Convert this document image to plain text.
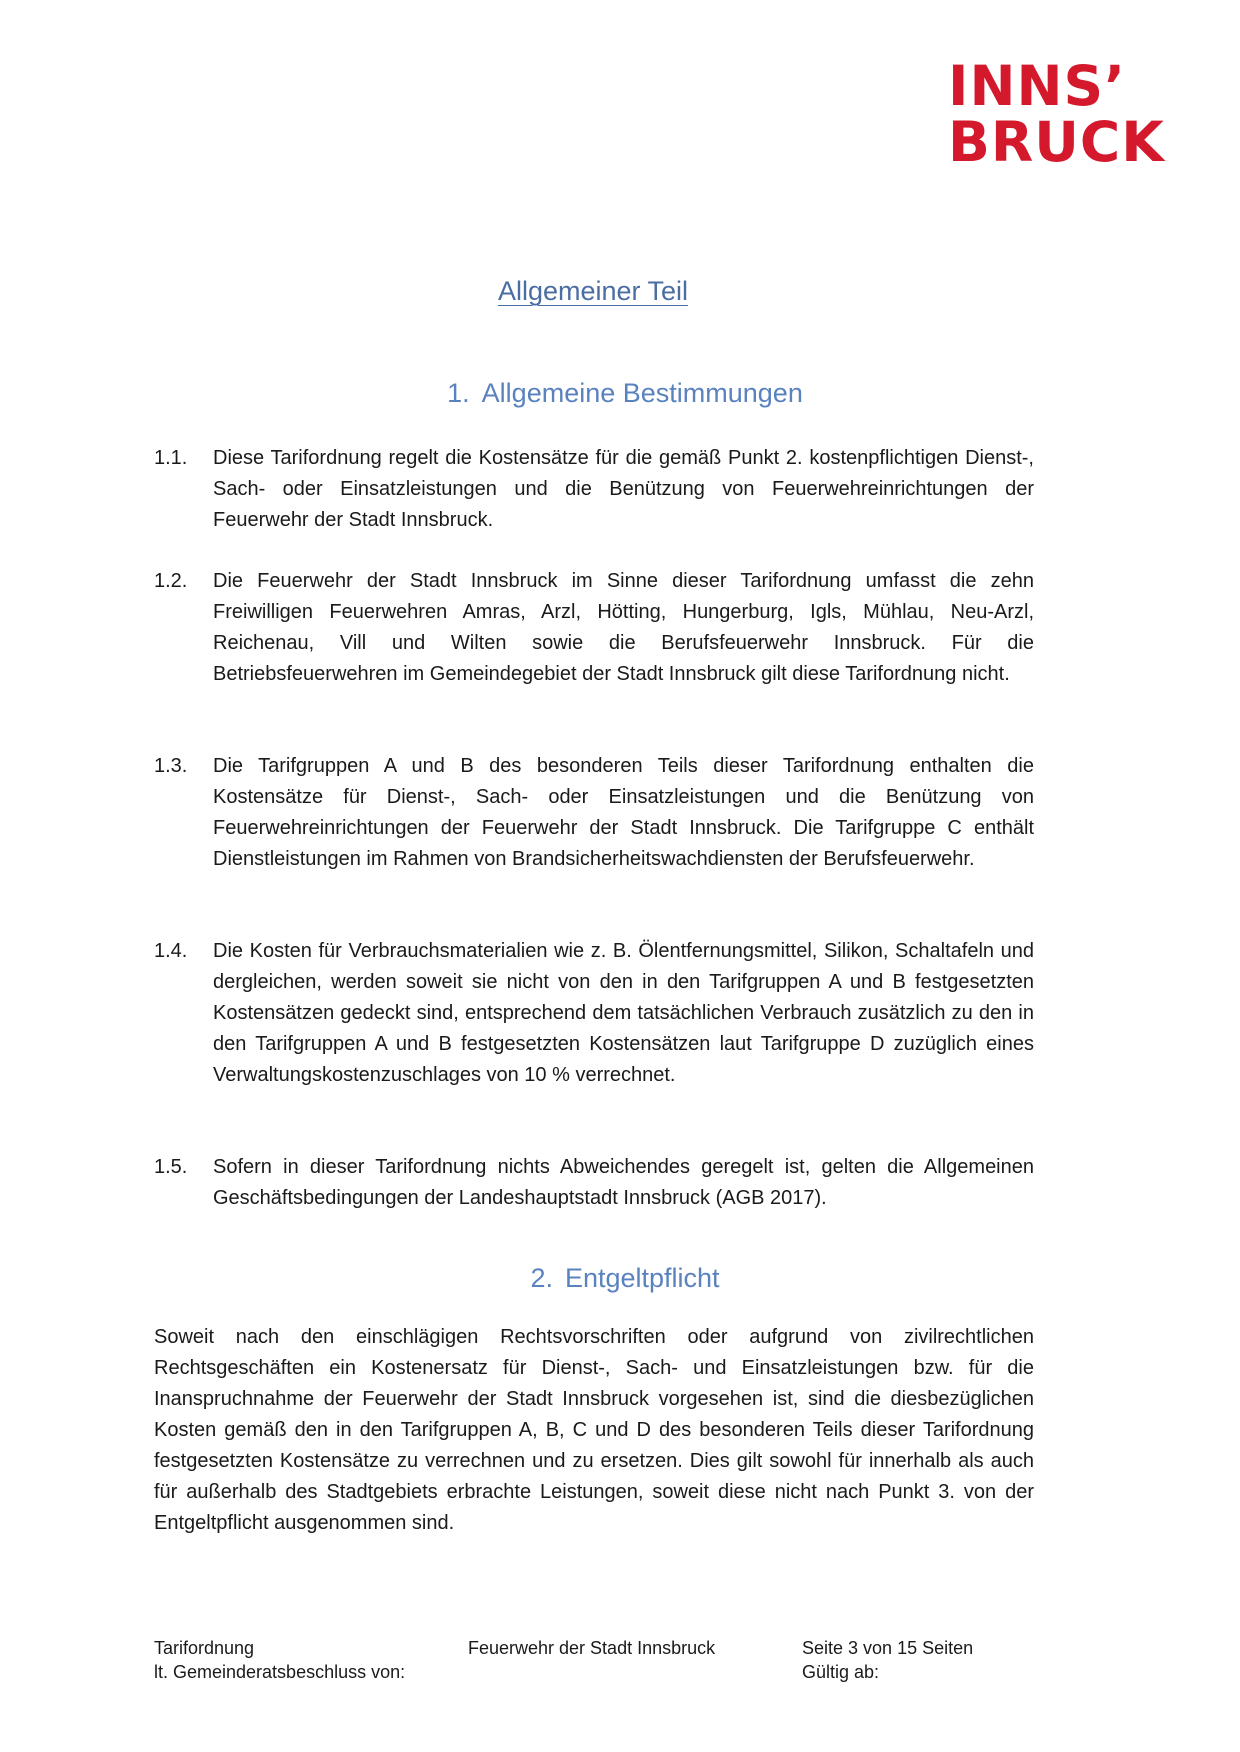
INNS’
BRUCK
Allgemeiner Teil
1. Allgemeine Bestimmungen
1.1.	Diese Tarifordnung regelt die Kostensätze für die gemäß Punkt 2. kostenpflichtigen Dienst-, Sach- oder Einsatzleistungen und die Benützung von Feuerwehreinrichtungen der Feuerwehr der Stadt Innsbruck.
1.2.	Die Feuerwehr der Stadt Innsbruck im Sinne dieser Tarifordnung umfasst die zehn Freiwilligen Feuerwehren Amras, Arzl, Hötting, Hungerburg, Igls, Mühlau, Neu-Arzl, Reichenau, Vill und Wilten sowie die Berufsfeuerwehr Innsbruck. Für die Betriebsfeuerwehren im Gemeindegebiet der Stadt Innsbruck gilt diese Tarifordnung nicht.
1.3.	Die Tarifgruppen A und B des besonderen Teils dieser Tarifordnung enthalten die Kostensätze für Dienst-, Sach- oder Einsatzleistungen und die Benützung von Feuerwehreinrichtungen der Feuerwehr der Stadt Innsbruck. Die Tarifgruppe C enthält Dienstleistungen im Rahmen von Brandsicherheitswachdiensten der Berufsfeuerwehr.
1.4.	Die Kosten für Verbrauchsmaterialien wie z. B. Ölentfernungsmittel, Silikon, Schaltafeln und dergleichen, werden soweit sie nicht von den in den Tarifgruppen A und B festgesetzten Kostensätzen gedeckt sind, entsprechend dem tatsächlichen Verbrauch zusätzlich zu den in den Tarifgruppen A und B festgesetzten Kostensätzen laut Tarifgruppe D zuzüglich eines Verwaltungskostenzuschlages von 10 % verrechnet.
1.5.	Sofern in dieser Tarifordnung nichts Abweichendes geregelt ist, gelten die Allgemeinen Geschäftsbedingungen der Landeshauptstadt Innsbruck (AGB 2017).
2. Entgeltpflicht
Soweit nach den einschlägigen Rechtsvorschriften oder aufgrund von zivilrechtlichen Rechtsgeschäften ein Kostenersatz für Dienst-, Sach- und Einsatzleistungen bzw. für die Inanspruchnahme der Feuerwehr der Stadt Innsbruck vorgesehen ist, sind die diesbezüglichen Kosten gemäß den in den Tarifgruppen A, B, C und D des besonderen Teils dieser Tarifordnung festgesetzten Kostensätze zu verrechnen und zu ersetzen. Dies gilt sowohl für innerhalb als auch für außerhalb des Stadtgebiets erbrachte Leistungen, soweit diese nicht nach Punkt 3. von der Entgeltpflicht ausgenommen sind.
Tarifordnung	Feuerwehr der Stadt Innsbruck	Seite 3 von 15 Seiten
lt. Gemeinderatsbeschluss von:	Gültig ab:
